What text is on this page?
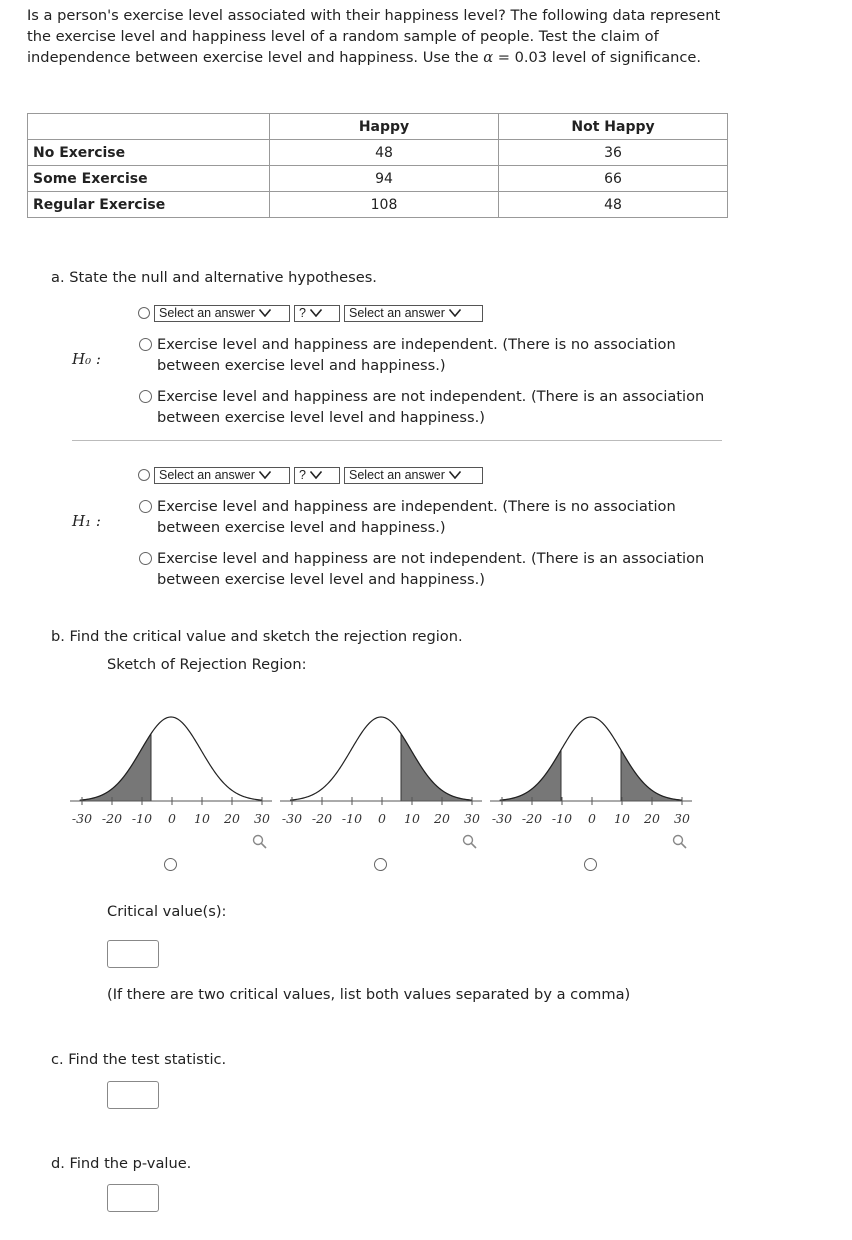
Is a person's exercise level associated with their happiness level? The following data represent the exercise level and happiness level of a random sample of people. Test the claim of independence between exercise level and happiness. Use the α = 0.03 level of significance.
	Happy	Not Happy
No Exercise	48	36
Some Exercise	94	66
Regular Exercise	108	48
a. State the null and alternative hypotheses.
H₀ :
Select an answer	?	Select an answer
Exercise level and happiness are independent. (There is no association between exercise level and happiness.)
Exercise level and happiness are not independent. (There is an association between exercise level level and happiness.)
H₁ :
Select an answer	?	Select an answer
Exercise level and happiness are independent. (There is no association between exercise level and happiness.)
Exercise level and happiness are not independent. (There is an association between exercise level level and happiness.)
b. Find the critical value and sketch the rejection region.
Sketch of Rejection Region:
-30 -20 -10 0 10 20 30 -30 -20 -10 0 10 20 30 -30 -20 -10 0 10 20 30
Critical value(s):
(If there are two critical values, list both values separated by a comma)
c. Find the test statistic.
d. Find the p-value.
